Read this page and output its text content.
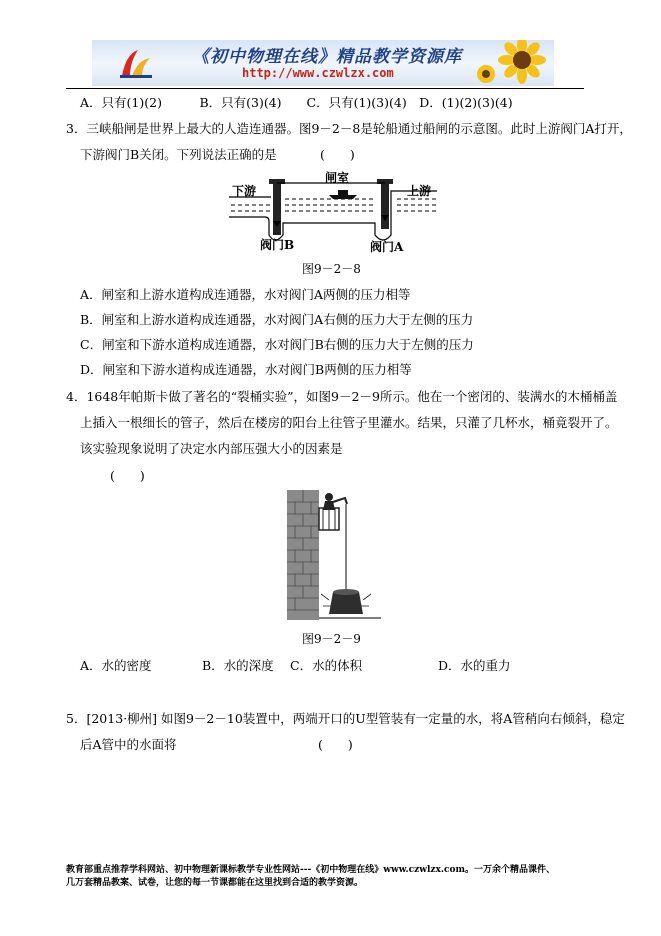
《初中物理在线》精品教学资源库
http://www.czwlzx.com
A．只有(1)(2)　　　B．只有(3)(4)　　C．只有(1)(3)(4)　D．(1)(2)(3)(4)
3．三峡船闸是世界上最大的人造连通器。图9－2－8是轮船通过船闸的示意图。此时上游阀门A打开，
下游阀门B关闭。下列说法正确的是	(　　)
下游
闸室
上游
阀门B	阀门A
图9－2－8
A．闸室和上游水道构成连通器，水对阀门A两侧的压力相等
B．闸室和上游水道构成连通器，水对阀门A右侧的压力大于左侧的压力
C．闸室和下游水道构成连通器，水对阀门B右侧的压力大于左侧的压力
D．闸室和下游水道构成连通器，水对阀门B两侧的压力相等
4．1648年帕斯卡做了著名的“裂桶实验”，如图9－2－9所示。他在一个密闭的、装满水的木桶桶盖
上插入一根细长的管子，然后在楼房的阳台上往管子里灌水。结果，只灌了几杯水，桶竟裂开了。
该实验现象说明了决定水内部压强大小的因素是
(　　)
图9－2－9
A．水的密度	B．水的深度 C．水的体积	D．水的重力
5．[2013·柳州] 如图9－2－10装置中，两端开口的U型管装有一定量的水，将A管稍向右倾斜，稳定
后A管中的水面将	(　　)
教育部重点推荐学科网站、初中物理新课标教学专业性网站---《初中物理在线》www.czwlzx.com。一万余个精品课件、
几万套精品教案、试卷，让您的每一节课都能在这里找到合适的教学资源。
